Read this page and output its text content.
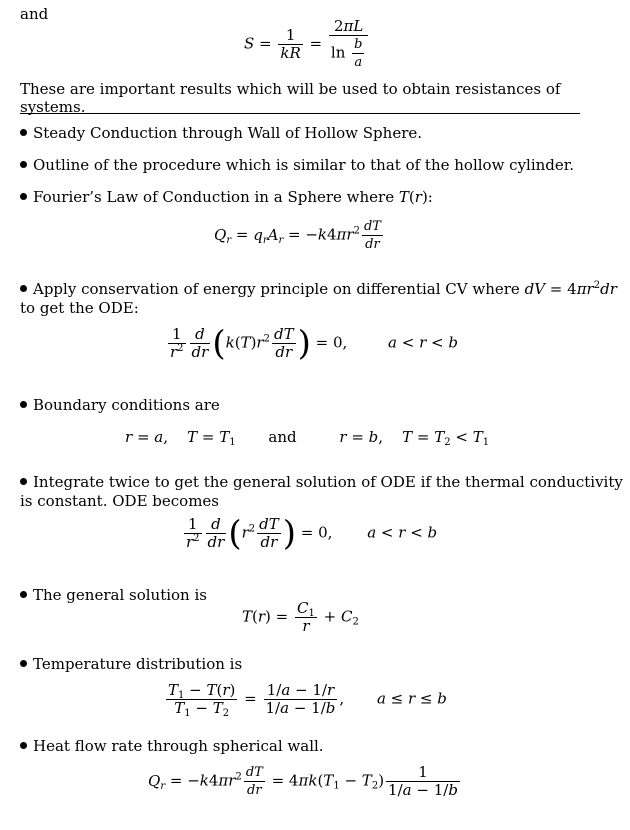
and
$S = \frac{1}{kR} = \frac{2\pi L}{\ln \frac{b}{a}}$
These are important results which will be used to obtain resistances of systems.
Steady Conduction through Wall of Hollow Sphere.
Outline of the procedure which is similar to that of the hollow cylinder.
Fourier’s Law of Conduction in a Sphere where T(r):
$Q_r = q_rA_r = -k4\pi r^2 \frac{dT}{dr}$
Apply conservation of energy principle on differential CV where dV = $4\pi r^2dr$
to get the ODE:
$\frac{1}{r^2} \frac{d}{dr} (k(T)r^2 \frac{dT}{dr}$ ) = 0, a < r < b
Boundary conditions are
r = a,    $T = T_1$ and	r = b,    $T = T_2 < T_1$
Integrate twice to get the general solution of ODE if the thermal conductivity
is constant. ODE becomes
$\frac{1}{r^2} \frac{d}{dr} (r^2 \frac{dT}{dr}$ ) = 0, a < r < b
The general solution is
$T(r) = \frac{C_1}{r} + C_2$
Temperature distribution is
$\frac{T_1 - T(r)}{T_1 - T_2} = \frac{1/a - 1/r}{1/a - 1/b}$ , a ≤ r ≤ b
Heat flow rate through spherical wall.
$Q_r = -k4\pi r^2 \frac{dT}{dr} = 4\pi k(T_1 - T_2) \frac{1}{1/a - 1/b}$
